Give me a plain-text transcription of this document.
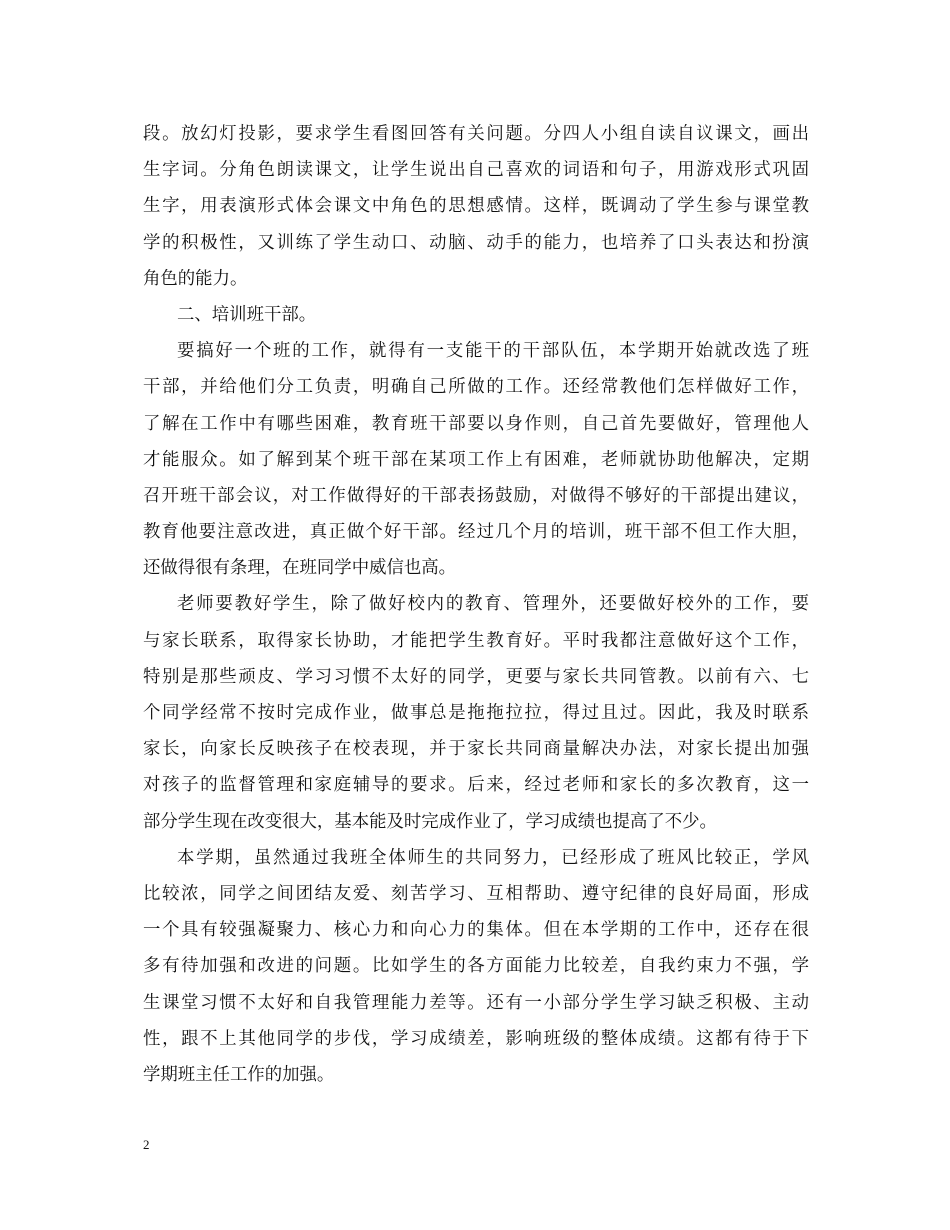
段。放幻灯投影，要求学生看图回答有关问题。分四人小组自读自议课文，画出
生字词。分角色朗读课文，让学生说出自己喜欢的词语和句子，用游戏形式巩固
生字，用表演形式体会课文中角色的思想感情。这样，既调动了学生参与课堂教
学的积极性，又训练了学生动口、动脑、动手的能力，也培养了口头表达和扮演
角色的能力。
二、培训班干部。
要搞好一个班的工作，就得有一支能干的干部队伍，本学期开始就改选了班
干部，并给他们分工负责，明确自己所做的工作。还经常教他们怎样做好工作，
了解在工作中有哪些困难，教育班干部要以身作则，自己首先要做好，管理他人
才能服众。如了解到某个班干部在某项工作上有困难，老师就协助他解决，定期
召开班干部会议，对工作做得好的干部表扬鼓励，对做得不够好的干部提出建议，
教育他要注意改进，真正做个好干部。经过几个月的培训，班干部不但工作大胆，
还做得很有条理，在班同学中威信也高。
老师要教好学生，除了做好校内的教育、管理外，还要做好校外的工作，要
与家长联系，取得家长协助，才能把学生教育好。平时我都注意做好这个工作，
特别是那些顽皮、学习习惯不太好的同学，更要与家长共同管教。以前有六、七
个同学经常不按时完成作业，做事总是拖拖拉拉，得过且过。因此，我及时联系
家长，向家长反映孩子在校表现，并于家长共同商量解决办法，对家长提出加强
对孩子的监督管理和家庭辅导的要求。后来，经过老师和家长的多次教育，这一
部分学生现在改变很大，基本能及时完成作业了，学习成绩也提高了不少。
本学期，虽然通过我班全体师生的共同努力，已经形成了班风比较正，学风
比较浓，同学之间团结友爱、刻苦学习、互相帮助、遵守纪律的良好局面，形成
一个具有较强凝聚力、核心力和向心力的集体。但在本学期的工作中，还存在很
多有待加强和改进的问题。比如学生的各方面能力比较差，自我约束力不强，学
生课堂习惯不太好和自我管理能力差等。还有一小部分学生学习缺乏积极、主动
性，跟不上其他同学的步伐，学习成绩差，影响班级的整体成绩。这都有待于下
学期班主任工作的加强。
2
